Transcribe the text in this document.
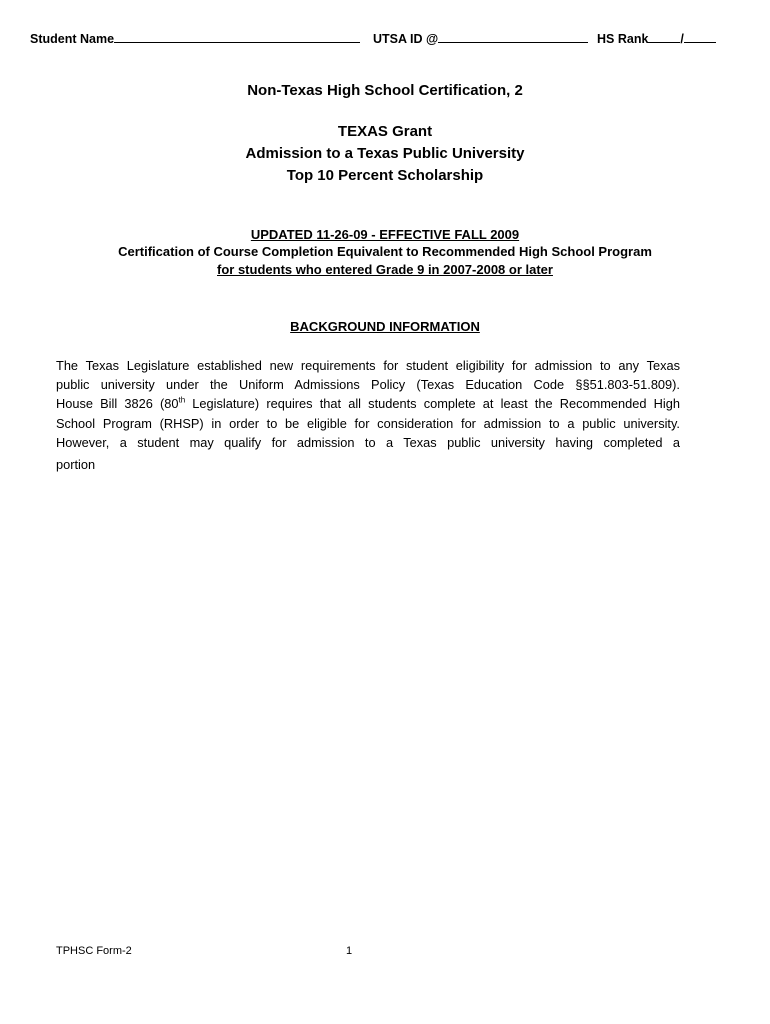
Student Name	UTSA ID @	HS Rank	/
Non-Texas High School Certification, 2
TEXAS Grant
Admission to a Texas Public University
Top 10 Percent Scholarship
UPDATED 11-26-09 - EFFECTIVE FALL 2009
Certification of Course Completion Equivalent to Recommended High School Program
for students who entered Grade 9 in 2007-2008 or later
BACKGROUND INFORMATION
The Texas Legislature established new requirements for student eligibility for admission to any Texas
public university under the Uniform Admissions Policy (Texas Education Code §§51.803-51.809).
House Bill 3826 (80th Legislature) requires that all students complete at least the Recommended High
School Program (RHSP) in order to be eligible for consideration for admission to a public university.
However, a student may qualify for admission to a Texas public university having completed a
portion
TPHSC Form-2	1
